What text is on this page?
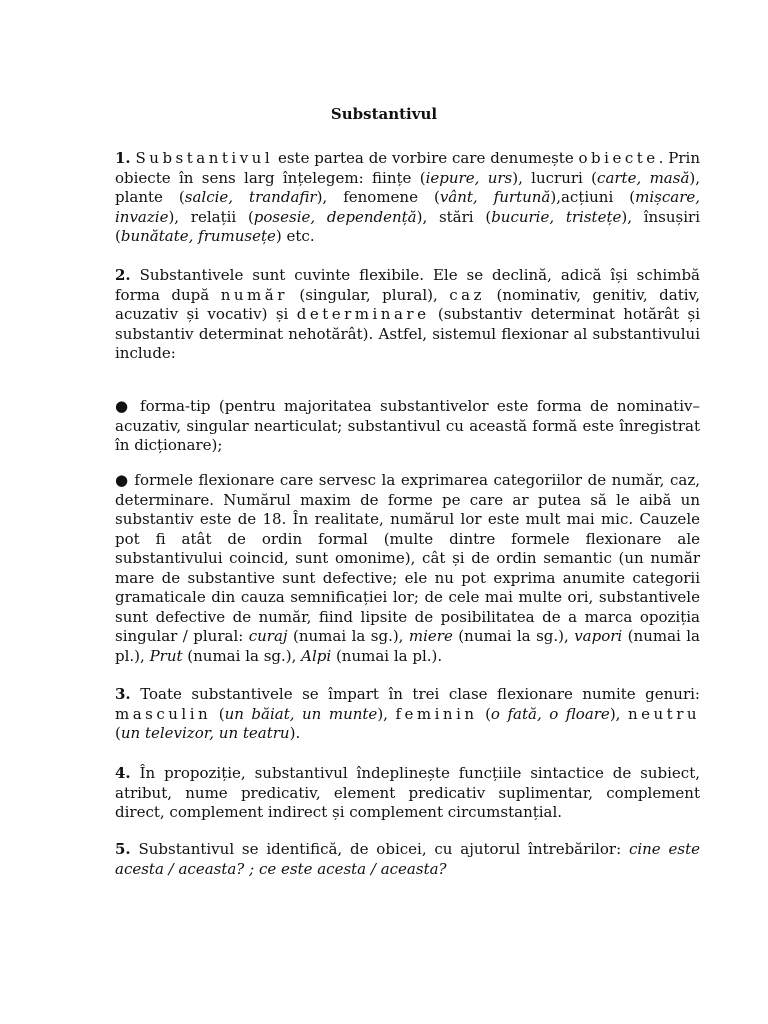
Substantivul

1. Substantivul este partea de vorbire care denumește obiecte. Prin obiecte în sens larg înțelegem: ființe (iepure, urs), lucruri (carte, masă), plante (salcie, trandafir), fenomene (vânt, furtună),acțiuni (mișcare, invazie), relații (posesie, dependență), stări (bucurie, tristețe), însușiri (bunătate, frumusețe) etc.

2. Substantivele sunt cuvinte flexibile. Ele se declină, adică își schimbă forma după număr (singular, plural), caz (nominativ, genitiv, dativ, acuzativ și vocativ) și determinare (substantiv determinat hotărât și substantiv determinat nehotărât). Astfel, sistemul flexionar al substantivului include:

● forma-tip (pentru majoritatea substantivelor este forma de nominativ–acuzativ, singular nearticulat; substantivul cu această formă este înregistrat în dicționare);

● formele flexionare care servesc la exprimarea categoriilor de număr, caz, determinare. Numărul maxim de forme pe care ar putea să le aibă un substantiv este de 18. În realitate, numărul lor este mult mai mic. Cauzele pot fi atât de ordin formal (multe dintre formele flexionare ale substantivului coincid, sunt omonime), cât și de ordin semantic (un număr mare de substantive sunt defective; ele nu pot exprima anumite categorii gramaticale din cauza semnificației lor; de cele mai multe ori, substantivele sunt defective de număr, fiind lipsite de posibilitatea de a marca opoziția singular / plural: curaj (numai la sg.), miere (numai la sg.), vapori (numai la pl.), Prut (numai la sg.), Alpi (numai la pl.).

3. Toate substantivele se împart în trei clase flexionare numite genuri: masculin (un băiat, un munte), feminin (o fată, o floare), neutru (un televizor, un teatru).

4. În propoziție, substantivul îndeplinește funcțiile sintactice de subiect, atribut, nume predicativ, element predicativ suplimentar, complement direct, complement indirect și complement circumstanțial.

5. Substantivul se identifică, de obicei, cu ajutorul întrebărilor: cine este acesta / aceasta? ; ce este acesta / aceasta?
